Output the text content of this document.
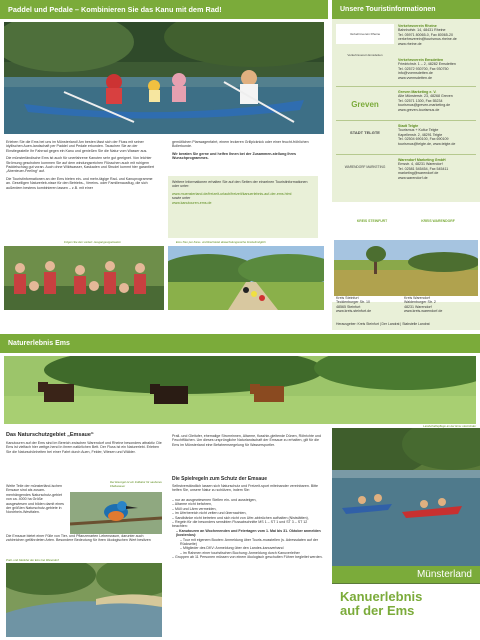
Paddel und Pedale – Kombinieren Sie das Kanu mit dem Rad!

Erleben Sie die Ems bei uns im Münsterland! Am besten lässt sich der Fluss mit seiner idyllischen Auen-landschaft per Paddel und Pedale erkunden. Tauschen Sie an der Einstiegsstelle Ihr Fahrrad gegen ein Kanu und genießen Sie die Natur vom Wasser aus.

Die münsterländische Ems ist auch für unerfahrene Kanuten sehr gut geeignet. Von leichter Strömung geschoben kommen Sie auf dem windungsreichen Flüsschen auch mit ruhigem Paddelschlag gut voran. Auch ohne Wildwasser, Kaskaden und Strudel kommt hier garantiert „Abenteuer-Feeling“ auf.

Die Touristinformationen an der Ems bieten ein- und mehr-tägige Rad- und Kanuprogramme an. Geselligen Naturerleb-nisse für den Betriebs-, Vereins- oder Familienausflug, die sich außerdem bestens kombinieren lassen – z.B. mit einer

gemütlichen Planwagenfahrt, einem leckeren Grillpicknick oder einer feucht-fröhlichen Bollerkunde.

Wir beraten Sie gerne und helfen Ihnen bei der Zusammen-stellung Ihres Wunschprogrammes.

Weitere Informationen erhalten Sie auf den Seiten der einzelnen Touristinformationen oder unter:

www.muensterland.de/freizeit-urlaub/freizeit/kanuerlebnis-auf-der-ems.html
sowie unter
www.kanutouren-ems.de
Folgen Sie den vordert. Ausgangsorganisaton	Ems-Tour per Kanu- und Rad bietet abwechslungsreiche Freizeitmöglich
Unsere Touristinformationen
Verkehrsverein Rheine
Verkehrsverein Emsdetten
Verkehrsverein Rheine
Bahnhofstr. 14, 48431 Rheine
Tel. 05971 80065-0, Fax 80065-20
verkehrsverein@tourismus.rheine.de
www.rheine.de
Verkehrsverein Emsdetten
Friedrichstr. 1 – 2, 48282 Emsdetten
Tel. 02572 930700, Fax 930750
info@vvemsdetten.de
www.vvemsdetten.de
Greven
Greven Marketing e. V.
Alte Münsterstr. 23, 48268 Greven
Tel. 02571 1300, Fax 55234
tourismus@greven-marketing.de
www.greven-tourismus.de
STADT TELGTE
Stadt Telgte
Tourismus + Kultur Telgte
Kapellenstr. 2, 48291 Telgte
Tel. 02504 690100, Fax 690109
tourismus@telgte.de, www.telgte.de
WARENDORF MARKETING
Warendorf Marketing GmbH
Emsstr. 4, 48231 Warendorf
Tel. 02581 545454, Fax 545411
marketing@warendorf.de
www.warendorf.de
KREIS STEINFURT	KREIS WARENDORF
Kreis Steinfurt
Tecklenburger Str. 10
48565 Steinfurt
www.kreis-steinfurt.de
Kreis Warendorf
Waldenburger Str. 2
48231 Warendorf
www.kreis-warendorf.de
Herausgeber: Kreis Steinfurt | Der Landrat | Stabstelle Landrat
Naturerlebnis Ems
Landschaftspflege an der Ems: Heckrinder
Das Naturschutzgebiet „Emsaue“

Kanutouren auf der Ems sind im Bereich zwischen Warendorf und Rheine besonders attraktiv. Die Ems ist vielfach hier weitge-hend in ihrem natürlichen Bett. Der Fluss ist ein Naturerlebi. Erleben Sie die Naturschönheiten bei einer Fahrt durch Auen, Felder, Wiesen und Wälder.

Weite Teile der münsterländ-ischen Emsaue sind als zusam-menhängendes Naturschutz-gebiet von ca. 4000 ha Größe ausgewiesen und bilden damit eines der größten Naturschutz-gebiete in Nordrhein-Westfalen.

Der Eisvogel ist ein Indikator für sauberes Fließwasser

Die Emsaue bietet einer Fülle von Tier- und Pflanzenarten Lebensraum, darunter auch zahlreichen gefährdeten Arten. Besondere Bedeutung für ihren ökologischen Wert besitzen

Prall- und Gleitufer der Ems bei Warendorf
Prall- und Gleitufer, ehemalige Stromrinnen, Altarme, flusshin-gleitende Dünen, Röhrichte und Feuchtflächen. Um dieses ursprüngliche Naturlandschaft der Emsaue zu erhalten, gilt für die Ems im Münsterland eine Befahrensregelung für Wassersportler.
Die Spielregeln zum Schutz der Emsaue
Selbstverständlich lassen sich Naturschutz und Freizeit-sport miteinander vereinbaren. Bitte helfen Sie, unsere Natur zu schützen, indem Sie:
– nur an ausgewiesenen Stellen ein- und aussteigen,
– Altarme nicht befahren,
– Müll und Lärm vermeiden,
– im Uferbereich nicht zelten und übernachten,
– Sandbänke nicht betreten und sich nicht von Ufer-abbrüchen aufhalten (Niststätten),
– Regeln für die besonders sensiblen Flussabschnitte MS 1 – ST 1 und ST 3 – ST 12 beachten:
– Kanutouren an Wochenenden und Feiertagen vom 1. Mai bis 31. Oktober anmelden (kostenlos):
– Tour mit eigenem Booten: Anmeldung über Touris-musstellen (s. Adressdaten auf der Rückseite)
– Mitglieder des DKV: Anmeldung über den Landes-kanuverband
– im Rahmen einer touristischen Buchung: Anmeldung durch Kanuverleiher
– Gruppen ab 11 Personen müssen von einem ökologisch geschulten Führer begleitet werden.
Münsterland
Kanuerlebnis
auf der Ems
